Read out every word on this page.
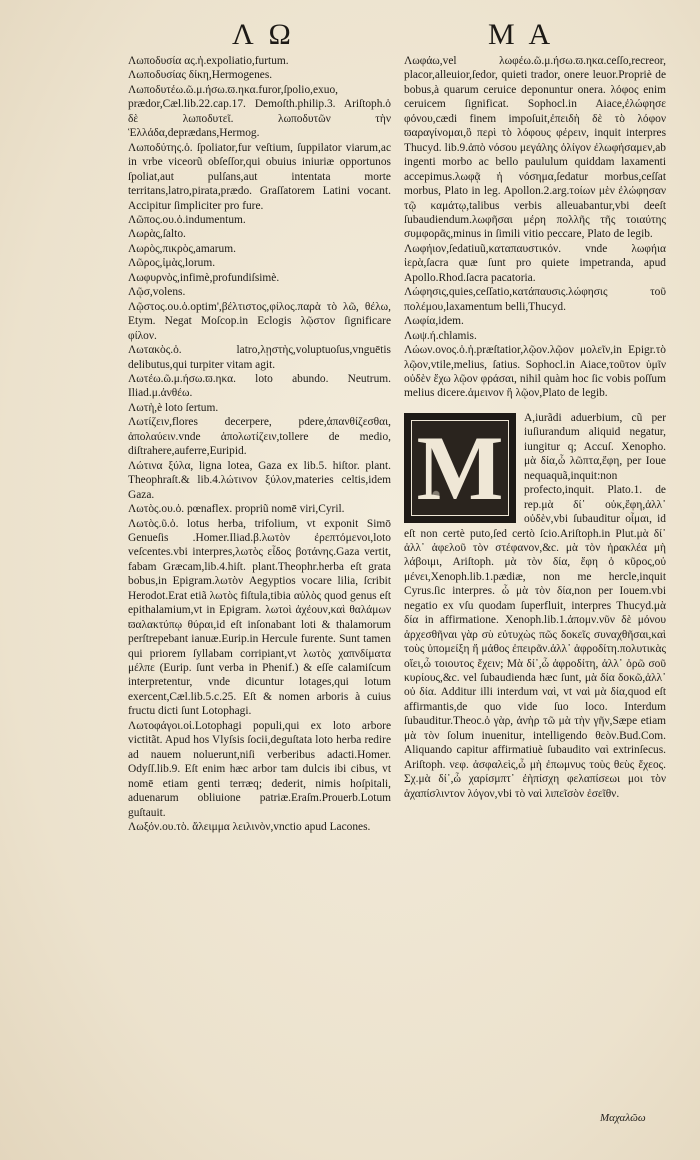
Λ Ω	M A

Λωποδυσία ας.ἡ.expoliatio,furtum.

Λωποδυσίας δίκη,Hermogenes.

Λωποδυτέω.ῶ.μ.ήσω.ϖ.ηκα.furor,ſpolio,exuo, prædor,Cæl.lib.22.cap.17. Demoſth.philip.3. Ariſtoph.ὁ δὲ λωποδυτεῖ. λωποδυτῶν τὴν Ἑλλάδα,deprædans,Hermog.

Λωποδύτης.ὁ. ſpoliator,fur veſtium, ſuppilator viarum,ac in vrbe viceorũ obſeſſor,qui obuius iniuriæ opportunos ſpoliat,aut pulſans,aut intentata morte territans,latro,pirata,prædo. Graſſatorem Latini vocant. Accipitur ſimpliciter pro fure.

Λῶπος.ου.ὁ.indumentum.

Λωρὰς,ſalto.

Λωρὸς,πικρὸς,amarum.

Λῶρος,ἱμὰς,lorum.

Λωφυρνὸς,infimè,profundiſsimè.

Λῷσ,volens.

Λῷστος.ου.ὁ.optim',βέλτιστος,φίλος.παρὰ τὸ λῶ, θέλω, Etym. Negat Moſcop.in Eclogis λῷστον ſignificare φίλον.

Λωτακὸς.ὁ. latro,λῃστὴς,voluptuoſus,vnguētis delibutus,qui turpiter vitam agit.

Λωτέω.ῶ.μ.ήσω.ϖ.ηκα. loto abundo. Neutrum. Iliad.μ.ἀνθέω.

Λωτὴ,è loto ſertum.

Λωτίζειν,flores decerpere, pdere,ἀπανθίζεσθαι, ἀπολαύειν.vnde ἀπολωτίζειν,tollere de medio, diſtrahere,auferre,Euripid.

Λώτινα ξύλα, ligna lotea, Gaza ex lib.5. hiſtor. plant. Theophraſt.& lib.4.λώτινον ξύλον,materies celtis,idem Gaza.

Λωτὸς.ου.ὁ. pœnaflex. propriũ nomē viri,Cyril.

Λωτὸς.ῦ.ὁ. lotus herba, trifolium, vt exponit Simō Genueſis .Homer.Iliad.β.λωτὸν ἐρεπτόμενοι,loto veſcentes.vbi interpres,λωτὸς εἶδος βοτάνης.Gaza vertit, fabam Græcam,lib.4.hiſt. plant.Theophr.herba eſt grata bobus,in Epigram.λωτὸν Aegyptios vocare lilia, ſcribit Herodot.Erat etiã λωτὸς fiſtula,tibia αὐλὸς quod genus eſt epithalamium,vt in Epigram. λωτοὶ ἀχέουν,καὶ θαλάμων ϖαλακτύπῳ θύραι,id eſt inſonabant loti & thalamorum perſtrepebant ianuæ.Eurip.in Hercule furente. Sunt tamen qui priorem ſyllabam corripiant,vt λωτὸς χαπνδίματα μέλπε (Eurip. ſunt verba in Phenif.) & eſſe calamiſcum interpretentur, vnde dicuntur lotages,qui lotum exercent,Cæl.lib.5.c.25. Eſt & nomen arboris à cuius fructu dicti ſunt Lotophagi.

Λωτοφάγοι.οἱ.Lotophagi populi,qui ex loto arbore victitãt. Apud hos Vlyſsis ſocii,deguſtata loto herba redire ad nauem noluerunt,niſi verberibus adacti.Homer. Odyſſ.lib.9. Eſt enim hæc arbor tam dulcis ibi cibus, vt nomē etiam genti terræq; dederit, nimis hoſpitali, aduenarum obliuione patriæ.Eraſm.Prouerb.Lotum guſtauit.

Λωξόν.ου.τὸ. ἄλειμμα λειλινὸν,vnctio apud Lacones.

Λωφάω,vel λωφέω.ῶ.μ.ήσω.ϖ.ηκα.ceſſo,recreor, placor,alleuior,ſedor, quieti trador, onere leuor.Propriè de bobus,à quarum ceruice deponuntur onera. λόφος enim ceruicem ſignificat. Sophocl.in Aiace,ἐλώφησε φόνου,cædi finem impoſuit,ἐπειδὴ δὲ τὸ λόφον ϖαραγίνομαι,ὃ περὶ τὸ λόφους φέρειν, inquit interpres Thucyd. lib.9.ἀπὸ νόσου μεγάλης ὀλίγον ἐλωφήσαμεν,ab ingenti morbo ac bello paululum quiddam laxamenti accepimus.λωφᾷ ἡ νόσημα,ſedatur morbus,ceſſat morbus, Plato in leg. Apollon.2.arg.τοίων μὲν ἐλώφησαν τῷ καμάτῳ,talibus verbis alleuabantur,vbi deeſt ſubaudiendum.λωφῆσαι μέρη πολλῆς τῆς τοιαύτης συμφορᾶς,minus in ſimili vitio peccare, Plato de legib.

Λωφήιον,ſedatiuũ,καταπαυστικόν. vnde λωφήια ἱερὰ,ſacra quæ ſunt pro quiete impetranda, apud Apollo.Rhod.ſacra pacatoria.

Λώφησις,quies,ceſſatio,κατάπαυσις.λώφησις τοῦ πολέμου,laxamentum belli,Thucyd.

Λωφία,idem.

Λωψ.ή.chlamis.

Λώων.ονος.ὁ.ἡ.præſtatior,λῷον.λῷον μολεῖν,in Epigr.τὸ λῷον,vtile,melius, ſatius. Sophocl.in Aiace,τοῦτον ὑμῖν οὐδὲν ἔχω λῷον φράσαι, nihil quàm hoc ſic vobis poſſum melius dicere.ἀμεινον ἢ λῷον,Plato de legib.

M	A,iurãdi aduerbium, cũ per iuſiurandum aliquid negatur, iungitur q; Accuſ. Xenopho. μὰ δία,ὦ λῶπτα,ἔφη, per Ioue nequaquã,inquit:non profecto,inquit. Plato.1. de rep.μὰ δί᾽ οὐκ,ἔφη,ἀλλ᾽ οὐδὲν,vbi ſubauditur οἶμαι, id eſt non certè puto,ſed certò ſcio.Ariſtoph.in Plut.μὰ δί᾽ ἀλλ᾽ ἀφελοῦ τὸν στέφανον,&c. μὰ τὸν ἡρακλέα μὴ λάβοιμι, Ariſtoph. μὰ τὸν δία, ἔφη ὁ κῦρος,οὐ μένει,Xenoph.lib.1.pædiæ, non me hercle,inquit Cyrus.ſic interpres. ὦ μὰ τὸν δία,non per Iouem.vbi negatio ex vſu quodam ſuperfluit, interpres Thucyd.μὰ δία in affirmatione. Xenoph.lib.1.ἀπομν.νῦν δὲ μόνου ἀρχεσθῆναι γὰρ σὺ εὐτυχὼς πῶς δοκεῖς συναχθῆσαι,καὶ τοὺς ὑπομείξη ἤ μάθος ἐπειρᾶν.ἀλλ᾽ ἀφροδίτη.πολυτικὰς οἴει,ὦ τοιουτος ἔχειν; Μὰ δί᾽,ὦ ἀφροδίτη, ἀλλ᾽ ὁρῶ σοῦ κυρίους,&c. vel ſubaudienda hæc ſunt, μὰ δία δοκῶ,ἀλλ᾽ οὐ δία. Additur illi interdum ναὶ, vt ναὶ μὰ δία,quod eſt affirmantis,de quo vide ſuo loco. Interdum ſubauditur.Theoc.ὁ γὰρ, ἀνὴρ τῶ μὰ τὴν γῆν,Sæpe etiam μὰ τὸν ſolum inuenitur, intelligendo θεὸν.Bud.Com. Aliquando capitur affirmatiuè ſubaudito ναὶ extrinſecus. Ariſtoph. νεφ. ἀσφαλεὶς,ὦ μὴ ἐπωμνυς τοὺς θεὺς ἔχεος. Σχ.μὰ δί᾽,ὦ χαρίσμπτ᾽ ἐὴπίσχη φελαπίσεωι μοι τὸν ἀχαπίσλιντον λόγον,vbi τὸ ναὶ λιπεῖσὸν ἐσεῖθν.

Μαχαλῶω
